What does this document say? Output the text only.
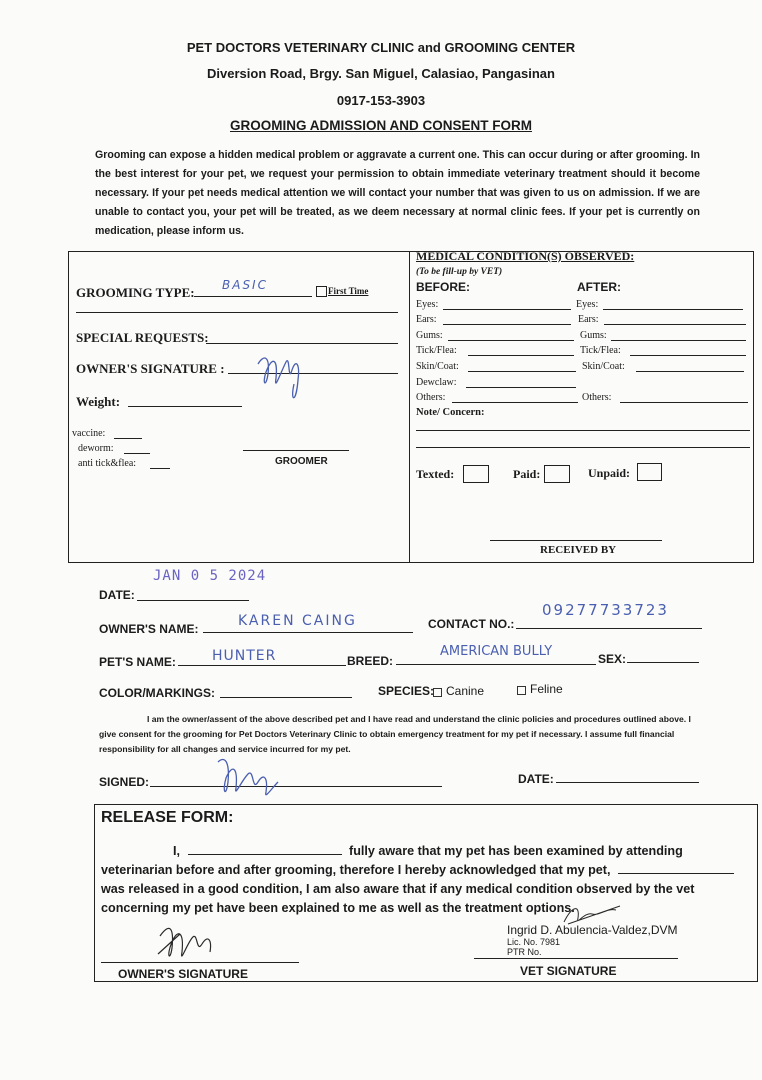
PET DOCTORS VETERINARY CLINIC and GROOMING CENTER
Diversion Road, Brgy. San Miguel, Calasiao, Pangasinan
0917-153-3903
GROOMING ADMISSION AND CONSENT FORM
Grooming can expose a hidden medical problem or aggravate a current one. This can occur during or after grooming. In the best interest for your pet, we request your permission to obtain immediate veterinary treatment should it become necessary. If your pet needs medical attention we will contact your number that was given to us on admission. If we are unable to contact you, your pet will be treated, as we deem necessary at normal clinic fees. If your pet is currently on medication, please inform us.
GROOMING TYPE: BASIC	First Time
SPECIAL REQUESTS:
OWNER'S SIGNATURE :
Weight:
vaccine:
deworm:
anti tick&flea:	GROOMER
MEDICAL CONDITION(S) OBSERVED:
(To be fill-up by VET)
BEFORE:	AFTER:
Eyes:	Eyes:
Ears:	Ears:
Gums:	Gums:
Tick/Flea:	Tick/Flea:
Skin/Coat:	Skin/Coat:
Dewclaw:
Others:	Others:
Note/ Concern:
Texted:	Paid:	Unpaid:
RECEIVED BY
JAN 0 5 2024
DATE:
OWNER'S NAME:	KAREN CAING	CONTACT NO.:
09277733723
PET'S NAME:	HUNTER	BREED:
AMERICAN BULLY	SEX:
COLOR/MARKINGS:	SPECIES: Canine	Feline
I am the owner/assent of the above described pet and I have read and understand the clinic policies and procedures outlined above. I give consent for the grooming for Pet Doctors Veterinary Clinic to obtain emergency treatment for my pet if necessary. I assume full financial responsibility for all changes and service incurred for my pet.
SIGNED:	DATE:
RELEASE FORM:
I,	fully aware that my pet has been examined by attending veterinarian before and after grooming, therefore I hereby acknowledged that my pet,  was released in a good condition, I am also aware that if any medical condition observed by the vet concerning my pet have been explained to me as well as the treatment options.
OWNER'S SIGNATURE
Ingrid D. Abulencia-Valdez,DVM
Lic. No. 7981
PTR No.
VET SIGNATURE
